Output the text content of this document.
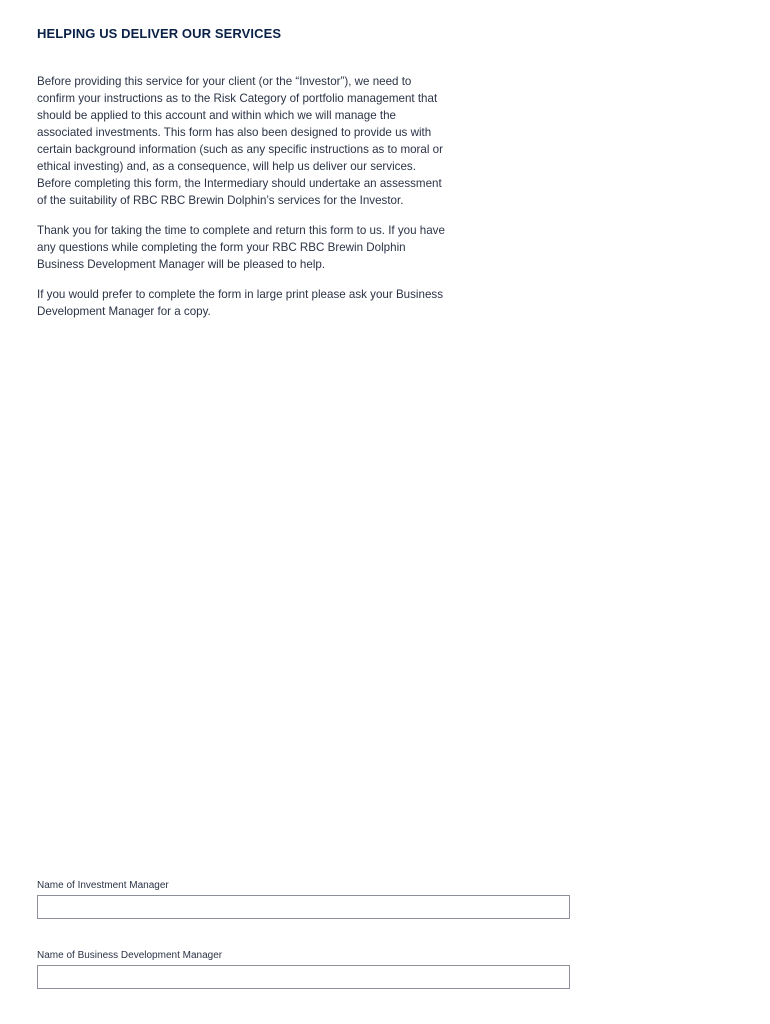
HELPING US DELIVER OUR SERVICES

Before providing this service for your client (or the “Investor”), we need to confirm your instructions as to the Risk Category of portfolio management that should be applied to this account and within which we will manage the associated investments. This form has also been designed to provide us with certain background information (such as any specific instructions as to moral or ethical investing) and, as a consequence, will help us deliver our services. Before completing this form, the Intermediary should undertake an assessment of the suitability of RBC RBC Brewin Dolphin’s services for the Investor.

Thank you for taking the time to complete and return this form to us. If you have any questions while completing the form your RBC RBC Brewin Dolphin Business Development Manager will be pleased to help.

If you would prefer to complete the form in large print please ask your Business Development Manager for a copy.

Name of Investment Manager
Name of Business Development Manager
